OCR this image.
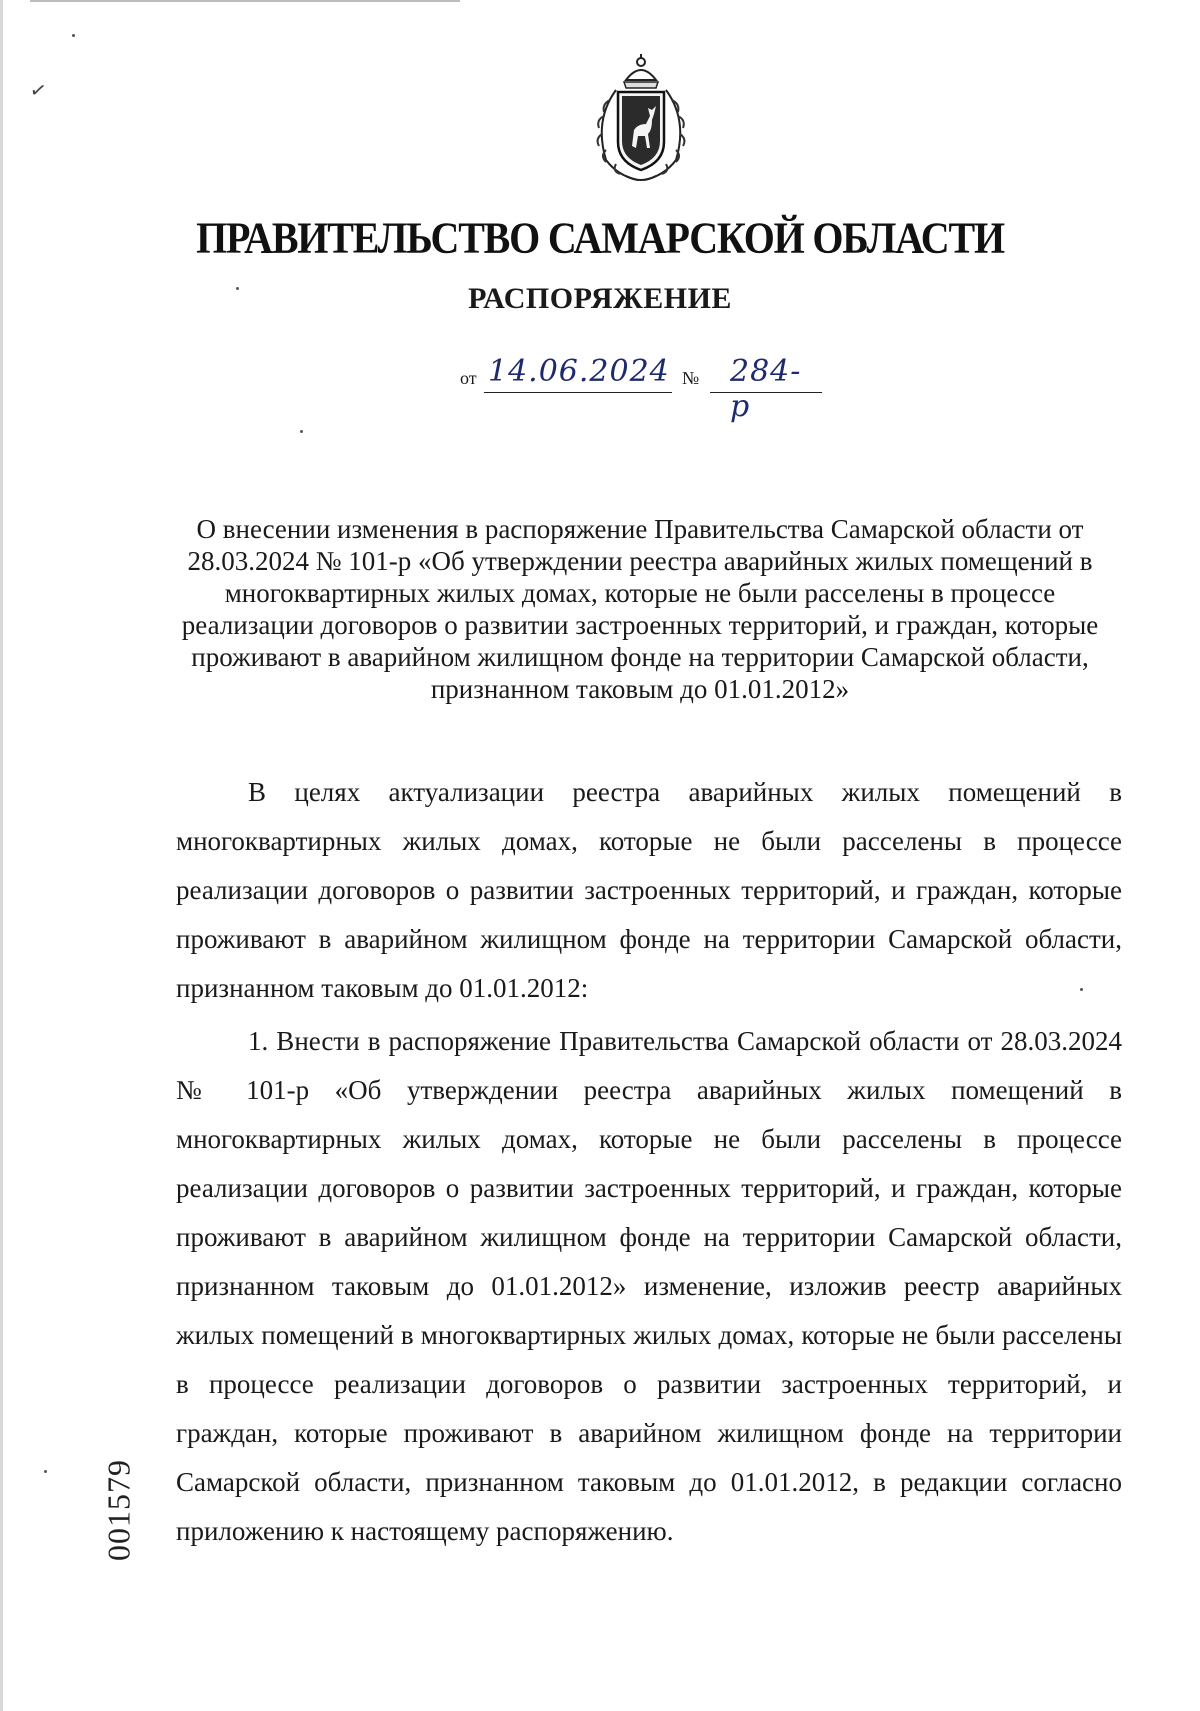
✓
ПРАВИТЕЛЬСТВО САМАРСКОЙ ОБЛАСТИ
РАСПОРЯЖЕНИЕ
от 14.06.2024 № 284-р

О внесении изменения в распоряжение Правительства Самарской области от 28.03.2024 № 101-р «Об утверждении реестра аварийных жилых помещений в многоквартирных жилых домах, которые не были расселены в процессе реализации договоров о развитии застроенных территорий, и граждан, которые проживают в аварийном жилищном фонде на территории Самарской области, признанном таковым до 01.01.2012»

В целях актуализации реестра аварийных жилых помещений в многоквартирных жилых домах, которые не были расселены в процессе реализации договоров о развитии застроенных территорий, и граждан, которые проживают в аварийном жилищном фонде на территории Самарской области, признанном таковым до 01.01.2012:

1. Внести в распоряжение Правительства Самарской области от 28.03.2024 № 101-р «Об утверждении реестра аварийных жилых помещений в многоквартирных жилых домах, которые не были расселены в процессе реализации договоров о развитии застроенных территорий, и граждан, которые проживают в аварийном жилищном фонде на территории Самарской области, признанном таковым до 01.01.2012» изменение, изложив реестр аварийных жилых помещений в многоквартирных жилых домах, которые не были расселены в процессе реализации договоров о развитии застроенных территорий, и граждан, которые проживают в аварийном жилищном фонде на территории Самарской области, признанном таковым до 01.01.2012, в редакции согласно приложению к настоящему распоряжению.

001579
